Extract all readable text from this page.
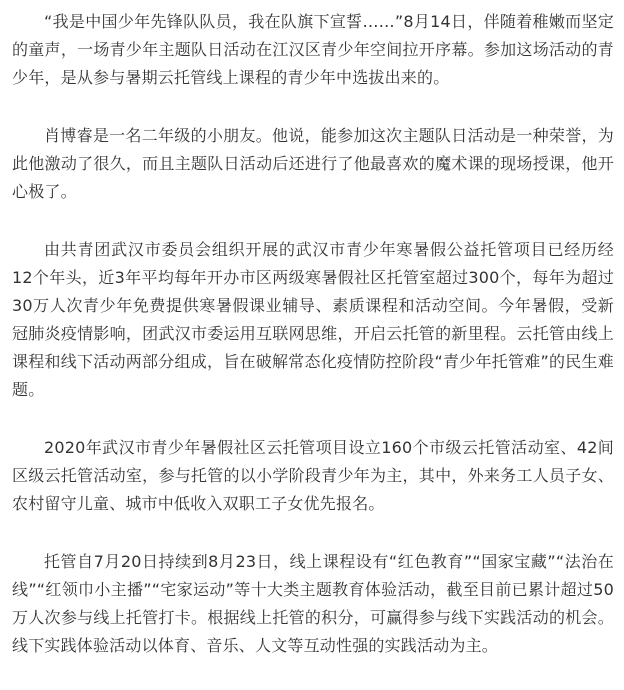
“我是中国少年先锋队队员，我在队旗下宣誓……”8月14日，伴随着稚嫩而坚定的童声，一场青少年主题队日活动在江汉区青少年空间拉开序幕。参加这场活动的青少年，是从参与暑期云托管线上课程的青少年中选拔出来的。

肖博睿是一名二年级的小朋友。他说，能参加这次主题队日活动是一种荣誉，为此他激动了很久，而且主题队日活动后还进行了他最喜欢的魔术课的现场授课，他开心极了。

由共青团武汉市委员会组织开展的武汉市青少年寒暑假公益托管项目已经历经12个年头，近3年平均每年开办市区两级寒暑假社区托管室超过300个，每年为超过30万人次青少年免费提供寒暑假课业辅导、素质课程和活动空间。今年暑假，受新冠肺炎疫情影响，团武汉市委运用互联网思维，开启云托管的新里程。云托管由线上课程和线下活动两部分组成，旨在破解常态化疫情防控阶段“青少年托管难”的民生难题。

2020年武汉市青少年暑假社区云托管项目设立160个市级云托管活动室、42间区级云托管活动室，参与托管的以小学阶段青少年为主，其中，外来务工人员子女、农村留守儿童、城市中低收入双职工子女优先报名。

托管自7月20日持续到8月23日，线上课程设有“红色教育”“国家宝藏”“法治在线”“红领巾小主播”“宅家运动”等十大类主题教育体验活动，截至目前已累计超过50万人次参与线上托管打卡。根据线上托管的积分，可赢得参与线下实践活动的机会。线下实践体验活动以体育、音乐、人文等互动性强的实践活动为主。
